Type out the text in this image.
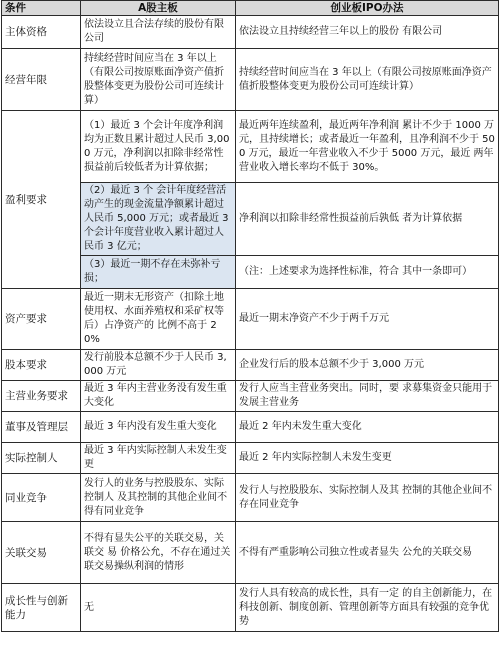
条件	A股主板	创业板IPO办法
主体资格	依法设立且合法存续的股份有限公司	依法设立且持续经营三年以上的股份 有限公司
经营年限	持续经营时间应当在 3 年以上（有限公司按原账面净资产值折股整体变更为股份公司可连续计算）	持续经营时间应当在 3 年以上（有限公司按原账面净资产值折股整体变更为股份公司可连续计算）
盈利要求	（1）最近 3 个会计年度净利润均为正数且累计超过人民币 3,000 万元，净利润以扣除非经常性损益前后较低者为计算依据；	最近两年连续盈利，最近两年净利润 累计不少于 1000 万元，且持续增长；或者最近一年盈利，且净利润不少于 500 万元，最近一年营业收入不少于 5000 万元，最近 两年营业收入增长率均不低于 30%。
	（2）最近 3 个 会计年度经营活动产生的现金流量净额累计超过人民币 5,000 万元；或者最近 3 个会计年度营业收入累计超过人民币 3 亿元；	净利润以扣除非经常性损益前后孰低 者为计算依据
	（3）最近一期不存在未弥补亏损；	（注：上述要求为选择性标准，符合 其中一条即可）
资产要求	最近一期末无形资产（扣除土地使用权、水面养殖权和采矿权等后）占净资产的 比例不高于 20%	最近一期末净资产不少于两千万元
股本要求	发行前股本总额不少于人民币 3,000 万元	企业发行后的股本总额不少于 3,000 万元
主营业务要求	最近 3 年内主营业务没有发生重大变化	发行人应当主营业务突出。同时，要 求募集资金只能用于发展主营业务
董事及管理层	最近 3 年内没有发生重大变化	最近 2 年内未发生重大变化
实际控制人	最近 3 年内实际控制人未发生变更	最近 2 年内实际控制人未发生变更
同业竞争	发行人的业务与控股股东、实际控制人 及其控制的其他企业间不得有同业竞争	发行人与控股股东、实际控制人及其 控制的其他企业间不存在同业竞争
关联交易	不得有显失公平的关联交易，关联交 易 价格公允，不存在通过关联交易操纵利润的情形	不得有严重影响公司独立性或者显失 公允的关联交易
成长性与创新能力	无	发行人具有较高的成长性，具有一定 的自主创新能力，在科技创新、制度创新、管理创新等方面具有较强的竞争优势
